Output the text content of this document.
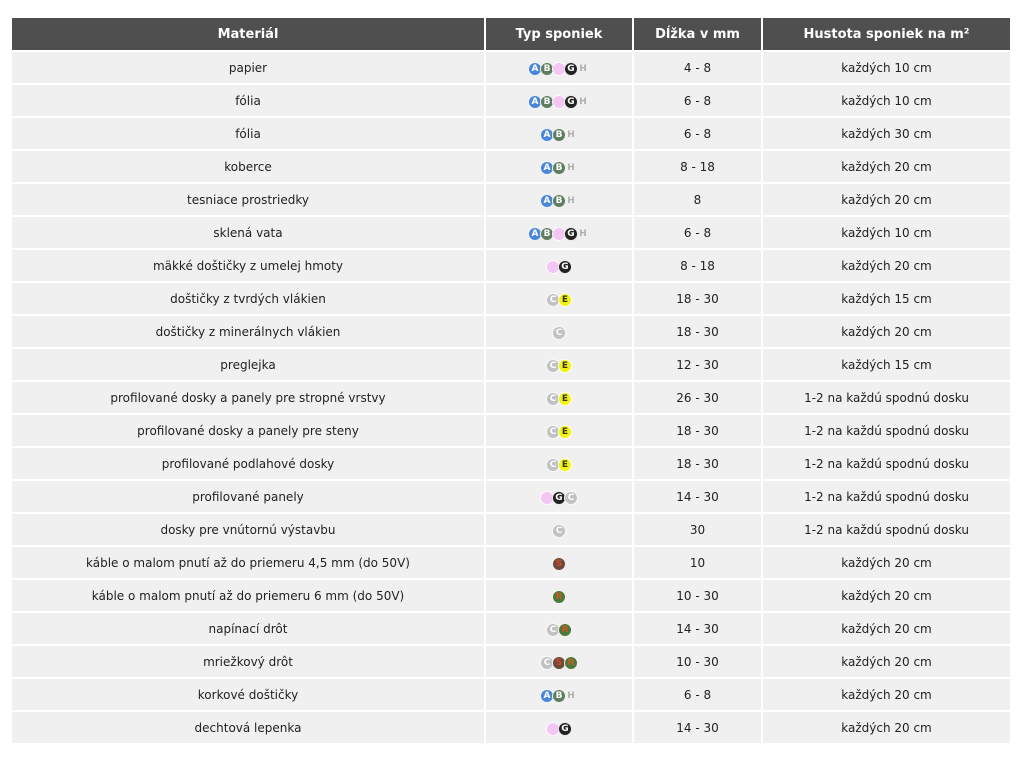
Materiál	Typ sponiek	Dĺžka v mm	Hustota sponiek na m²
papier	A B D G H	4 - 8	každých 10 cm
fólia	A B D G H	6 - 8	každých 10 cm
fólia	A B H	6 - 8	každých 30 cm
koberce	A B H	8 - 18	každých 20 cm
tesniace prostriedky	A B H	8	každých 20 cm
sklená vata	A B D G H	6 - 8	každých 10 cm
mäkké doštičky z umelej hmoty	D G	8 - 18	každých 20 cm
doštičky z tvrdých vlákien	C E	18 - 30	každých 15 cm
doštičky z minerálnych vlákien	C	18 - 30	každých 20 cm
preglejka	C E	12 - 30	každých 15 cm
profilované dosky a panely pre stropné vrstvy	C E	26 - 30	1-2 na každú spodnú dosku
profilované dosky a panely pre steny	C E	18 - 30	1-2 na každú spodnú dosku
profilované podlahové dosky	C E	18 - 30	1-2 na každú spodnú dosku
profilované panely	D G C	14 - 30	1-2 na každú spodnú dosku
dosky pre vnútornú výstavbu	C	30	1-2 na každú spodnú dosku
káble o malom pnutí až do priemeru 4,5 mm (do 50V)	S	10	každých 20 cm
káble o malom pnutí až do priemeru 6 mm (do 50V)	R	10 - 30	každých 20 cm
napínací drôt	C R	14 - 30	každých 20 cm
mriežkový drôt	C S R	10 - 30	každých 20 cm
korkové doštičky	A B H	6 - 8	každých 20 cm
dechtová lepenka	D G	14 - 30	každých 20 cm
